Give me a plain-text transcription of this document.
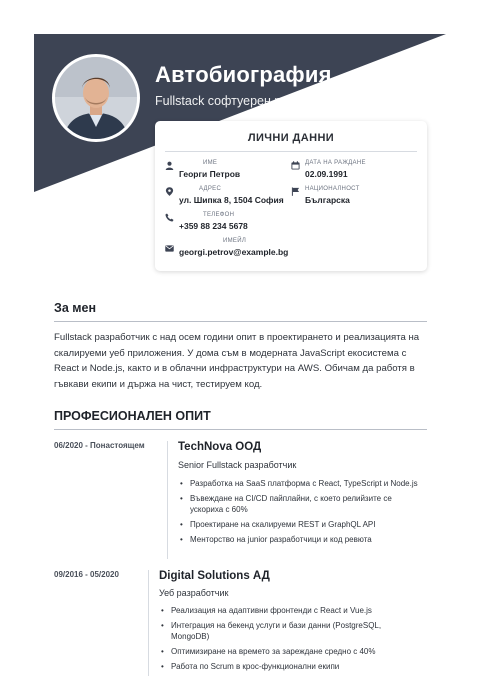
Автобиография
Fullstack софтуерен разработчик
ЛИЧНИ ДАННИ
ИМЕ
Георги Петров
ДАТА НА РАЖДАНЕ
02.09.1991
АДРЕС
ул. Шипка 8, 1504 София
НАЦИОНАЛНОСТ
Българска
ТЕЛЕФОН
+359 88 234 5678
ИМЕЙЛ
georgi.petrov@example.bg
За мен
Fullstack разработчик с над осем години опит в проектирането и реализацията на скалируеми уеб приложения. У дома съм в модерната JavaScript екосистема с React и Node.js, както и в облачни инфраструктури на AWS. Обичам да работя в гъвкави екипи и държа на чист, тестируем код.
ПРОФЕСИОНАЛЕН ОПИТ
06/2020 - Понастоящем	TechNova ООД
Senior Fullstack разработчик
• Разработка на SaaS платформа с React, TypeScript и Node.js
• Въвеждане на CI/CD пайплайни, с което релийзите се ускориха с 60%
• Проектиране на скалируеми REST и GraphQL API
• Менторство на junior разработчици и код ревюта
09/2016 - 05/2020	Digital Solutions АД
Уеб разработчик
• Реализация на адаптивни фронтенди с React и Vue.js
• Интеграция на бекенд услуги и бази данни (PostgreSQL, MongoDB)
• Оптимизиране на времето за зареждане средно с 40%
• Работа по Scrum в крос-функционални екипи
